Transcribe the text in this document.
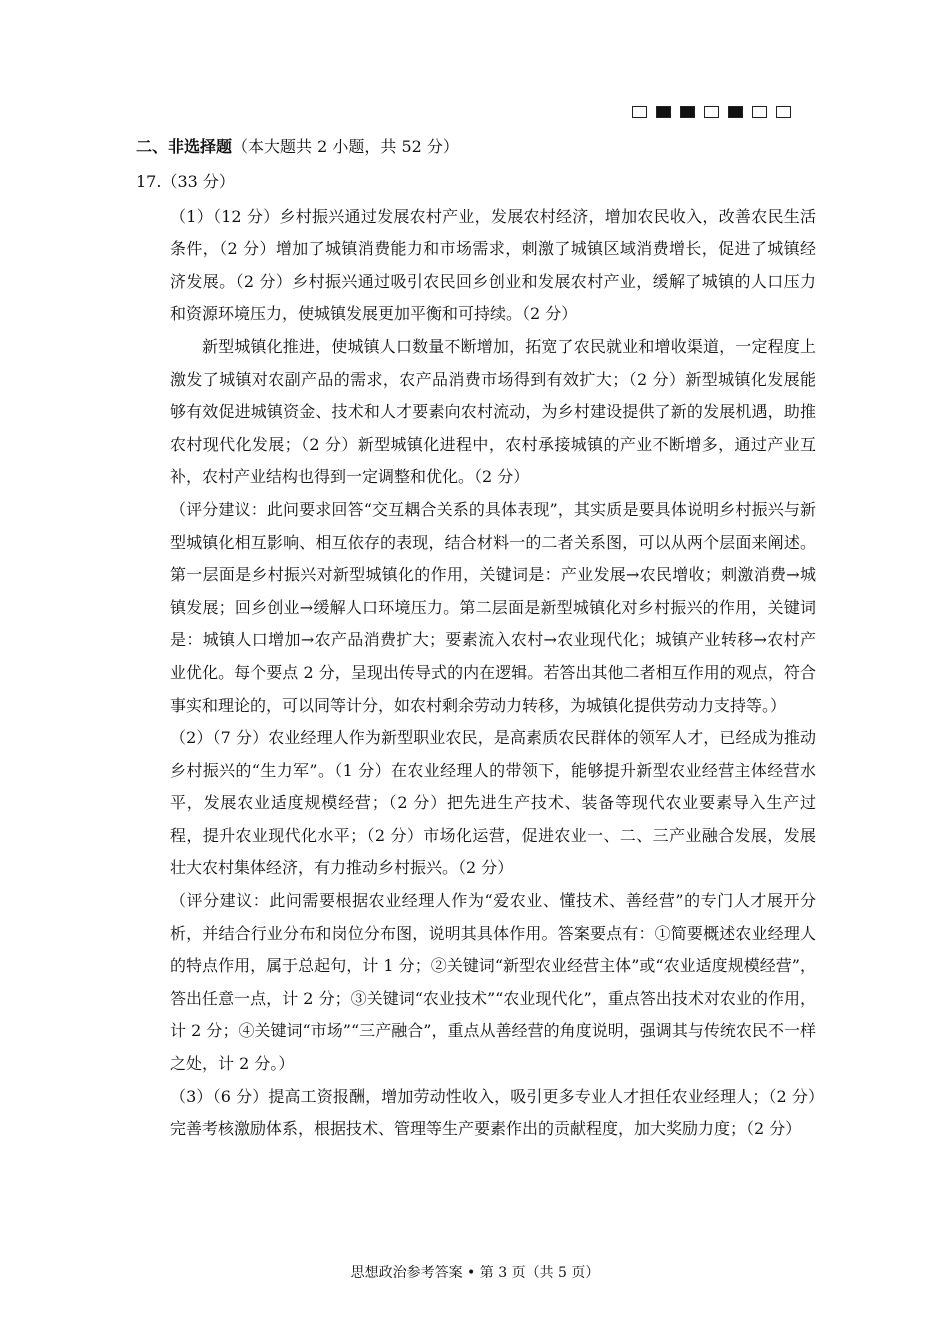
二、非选择题（本大题共 2 小题，共 52 分）

17.（33 分）

（1）（12 分）乡村振兴通过发展农村产业，发展农村经济，增加农民收入，改善农民生活条件，（2 分）增加了城镇消费能力和市场需求，刺激了城镇区域消费增长，促进了城镇经济发展。（2 分）乡村振兴通过吸引农民回乡创业和发展农村产业，缓解了城镇的人口压力和资源环境压力，使城镇发展更加平衡和可持续。（2 分）

新型城镇化推进，使城镇人口数量不断增加，拓宽了农民就业和增收渠道，一定程度上激发了城镇对农副产品的需求，农产品消费市场得到有效扩大；（2 分）新型城镇化发展能够有效促进城镇资金、技术和人才要素向农村流动，为乡村建设提供了新的发展机遇，助推农村现代化发展；（2 分）新型城镇化进程中，农村承接城镇的产业不断增多，通过产业互补，农村产业结构也得到一定调整和优化。（2 分）

（评分建议：此问要求回答“交互耦合关系的具体表现”，其实质是要具体说明乡村振兴与新型城镇化相互影响、相互依存的表现，结合材料一的二者关系图，可以从两个层面来阐述。第一层面是乡村振兴对新型城镇化的作用，关键词是：产业发展→农民增收；刺激消费→城镇发展；回乡创业→缓解人口环境压力。第二层面是新型城镇化对乡村振兴的作用，关键词是：城镇人口增加→农产品消费扩大；要素流入农村→农业现代化；城镇产业转移→农村产业优化。每个要点 2 分，呈现出传导式的内在逻辑。若答出其他二者相互作用的观点，符合事实和理论的，可以同等计分，如农村剩余劳动力转移，为城镇化提供劳动力支持等。）

（2）（7 分）农业经理人作为新型职业农民，是高素质农民群体的领军人才，已经成为推动乡村振兴的“生力军”。（1 分）在农业经理人的带领下，能够提升新型农业经营主体经营水平，发展农业适度规模经营；（2 分）把先进生产技术、装备等现代农业要素导入生产过程，提升农业现代化水平；（2 分）市场化运营，促进农业一、二、三产业融合发展，发展壮大农村集体经济，有力推动乡村振兴。（2 分）

（评分建议：此问需要根据农业经理人作为“爱农业、懂技术、善经营”的专门人才展开分析，并结合行业分布和岗位分布图，说明其具体作用。答案要点有：①简要概述农业经理人的特点作用，属于总起句，计 1 分；②关键词“新型农业经营主体”或“农业适度规模经营”，答出任意一点，计 2 分；③关键词“农业技术”“农业现代化”，重点答出技术对农业的作用，计 2 分；④关键词“市场”“三产融合”，重点从善经营的角度说明，强调其与传统农民不一样之处，计 2 分。）

（3）（6 分）提高工资报酬，增加劳动性收入，吸引更多专业人才担任农业经理人；（2 分）完善考核激励体系，根据技术、管理等生产要素作出的贡献程度，加大奖励力度；（2 分）

思想政治参考答案 • 第 3 页（共 5 页）
